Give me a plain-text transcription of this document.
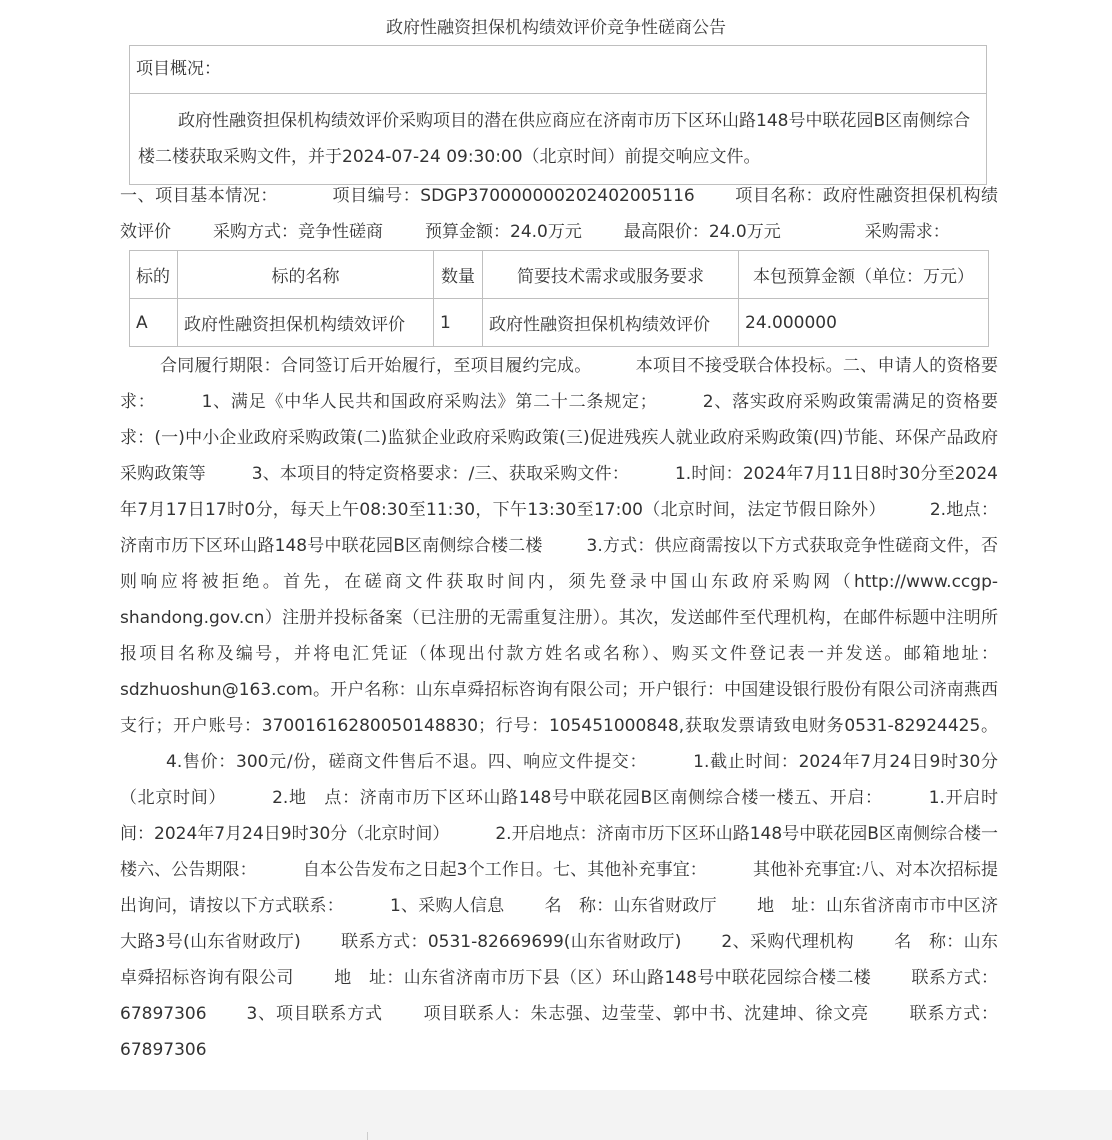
政府性融资担保机构绩效评价竞争性磋商公告
项目概况：
政府性融资担保机构绩效评价采购项目的潜在供应商应在济南市历下区环山路148号中联花园B区南侧综合楼二楼获取采购文件，并于2024-07-24 09:30:00（北京时间）前提交响应文件。
一、项目基本情况：	项目编号：SDGP370000000202402005116 项目名称：政府性融资担保机构绩效评价 采购方式：竞争性磋商 预算金额：24.0万元 最高限价：24.0万元	采购需求：
标的	标的名称	数量	简要技术需求或服务要求	本包预算金额（单位：万元）
A	政府性融资担保机构绩效评价	1	政府性融资担保机构绩效评价	24.000000
合同履行期限：合同签订后开始履行，至项目履约完成。	本项目不接受联合体投标。二、申请人的资格要求：	1、满足《中华人民共和国政府采购法》第二十二条规定；	2、落实政府采购政策需满足的资格要求：(一)中小企业政府采购政策(二)监狱企业政府采购政策(三)促进残疾人就业政府采购政策(四)节能、环保产品政府采购政策等	3、本项目的特定资格要求：/三、获取采购文件：	1.时间：2024年7月11日8时30分至2024年7月17日17时0分，每天上午08:30至11:30，下午13:30至17:00（北京时间，法定节假日除外）	2.地点：济南市历下区环山路148号中联花园B区南侧综合楼二楼	3.方式：供应商需按以下方式获取竞争性磋商文件，否则响应将被拒绝。首先，在磋商文件获取时间内，须先登录中国山东政府采购网（http://www.ccgp-shandong.gov.cn）注册并投标备案（已注册的无需重复注册）。其次，发送邮件至代理机构，在邮件标题中注明所报项目名称及编号，并将电汇凭证（体现出付款方姓名或名称）、购买文件登记表一并发送。邮箱地址：sdzhuoshun@163.com。开户名称：山东卓舜招标咨询有限公司；开户银行：中国建设银行股份有限公司济南燕西支行；开户账号：37001616280050148830；行号：105451000848,获取发票请致电财务0531-82924425。4.售价：300元/份，磋商文件售后不退。四、响应文件提交：	1.截止时间：2024年7月24日9时30分（北京时间）	2.地　点：济南市历下区环山路148号中联花园B区南侧综合楼一楼五、开启：	1.开启时间：2024年7月24日9时30分（北京时间）	2.开启地点：济南市历下区环山路148号中联花园B区南侧综合楼一楼六、公告期限：	自本公告发布之日起3个工作日。七、其他补充事宜：	其他补充事宜:八、对本次招标提出询问，请按以下方式联系：	1、采购人信息 名　称：山东省财政厅 地　址：山东省济南市市中区济大路3号(山东省财政厅) 联系方式：0531-82669699(山东省财政厅) 2、采购代理机构 名　称：山东卓舜招标咨询有限公司 地　址：山东省济南市历下县（区）环山路148号中联花园综合楼二楼 联系方式：67897306 3、项目联系方式 项目联系人：朱志强、边莹莹、郭中书、沈建坤、徐文亮 联系方式：67897306
